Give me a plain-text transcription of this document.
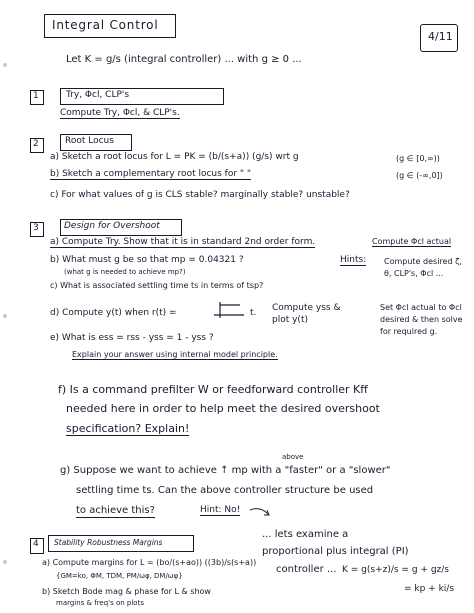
Integral Control
4/11
Let K = g/s (integral controller) ... with g ≥ 0 ...
1	Try, Φcl, CLP's
Compute Try, Φcl, & CLP's.
2	Root Locus
a) Sketch a root locus for L = PK = (b/(s+a)) (g/s) wrt g	(g ∈ [0,∞))
b) Sketch a complementary root locus for " "	(g ∈ (-∞,0])
c) For what values of g is CLS stable? marginally stable? unstable?
3	Design for Overshoot
a) Compute Try. Show that it is in standard 2nd order form.	Compute Φcl actual
b) What must g be so that mp = 0.04321 ?
(what g is needed to achieve mp?)
Hints: Compute desired ζ, θ, CLP's, Φcl ...
c) What is associated settling time ts in terms of tsp?
d) Compute y(t) when r(t) =	t. Compute yss & plot y(t)
Set Φcl actual to Φcl desired & then solve for required g.
e) What is ess = rss - yss = 1 - yss ?
Explain your answer using internal model principle.
f) Is a command prefilter W or feedforward controller Kff
needed here in order to help meet the desired overshoot
specification? Explain!
above
g) Suppose we want to achieve ↑ mp with a "faster" or a "slower"
settling time ts. Can the above controller structure be used
to achieve this?	Hint: No!
4 Stability Robustness Margins
a) Compute margins for L = (bo/(s+ao)) ((3b)/s(s+a))
{GM=ko, ΦM, TDM, PM/ωφ, DM/ωφ}
b) Sketch Bode mag & phase for L & show
margins & freq's on plots
... lets examine a
proportional plus integral (PI)
controller ... K = g(s+z)/s = g + gz/s
= kp + ki/s
